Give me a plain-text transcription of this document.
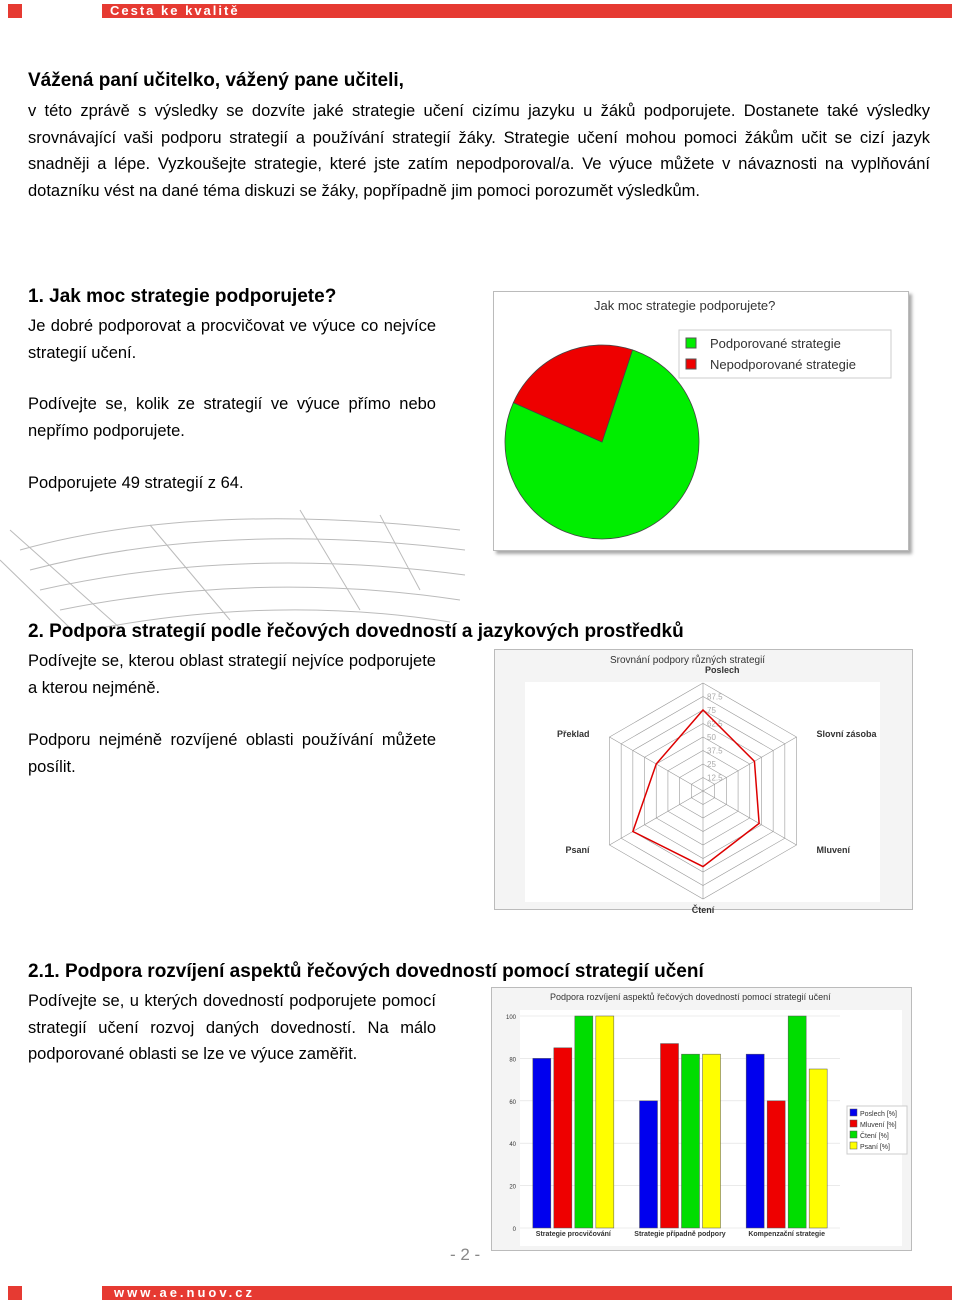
Cesta ke kvalitě
Vážená paní učitelko, vážený pane učiteli,
v této zprávě s výsledky se dozvíte jaké strategie učení cizímu jazyku u žáků podporujete. Dostanete také výsledky srovnávající vaši podporu strategií a používání strategií žáky. Strategie učení mohou pomoci žákům učit se cizí jazyk snadněji a lépe. Vyzkoušejte strategie, které jste zatím nepodporoval/a. Ve výuce můžete v návaznosti na vyplňování dotazníku vést na dané téma diskuzi se žáky, popřípadně jim pomoci porozumět výsledkům.
1. Jak moc strategie podporujete?
Je dobré podporovat a procvičovat ve výuce co nejvíce strategií učení.
Podívejte se, kolik ze strategií ve výuce přímo nebo nepřímo podporujete.
Podporujete 49 strategií z 64.
Jak moc strategie podporujete?
Podporované strategie
Nepodporované strategie
2. Podpora strategií podle řečových dovedností a jazykových prostředků
Podívejte se, kterou oblast strategií nejvíce podporujete a kterou nejméně.
Podporu nejméně rozvíjené oblasti používání můžete posílit.
Srovnání podpory různých strategií
Poslech
Slovní zásoba
Mluvení
Čtení
Psaní
Překlad
87.5
75
62.5
50
37.5
25
12.5
2.1. Podpora rozvíjení aspektů řečových dovedností pomocí strategií učení
Podívejte se, u kterých dovedností podporujete pomocí strategií učení rozvoj daných dovedností. Na málo podporované oblasti se lze ve výuce zaměřit.
Podpora rozvíjení aspektů řečových dovedností pomocí strategií učení
100
80
60
40
20
0
Strategie procvičování	Strategie případně podpory	Kompenzační strategie
Poslech [%]
Mluvení [%]
Čtení [%]
Psaní [%]
- 2 -
www.ae.nuov.cz
